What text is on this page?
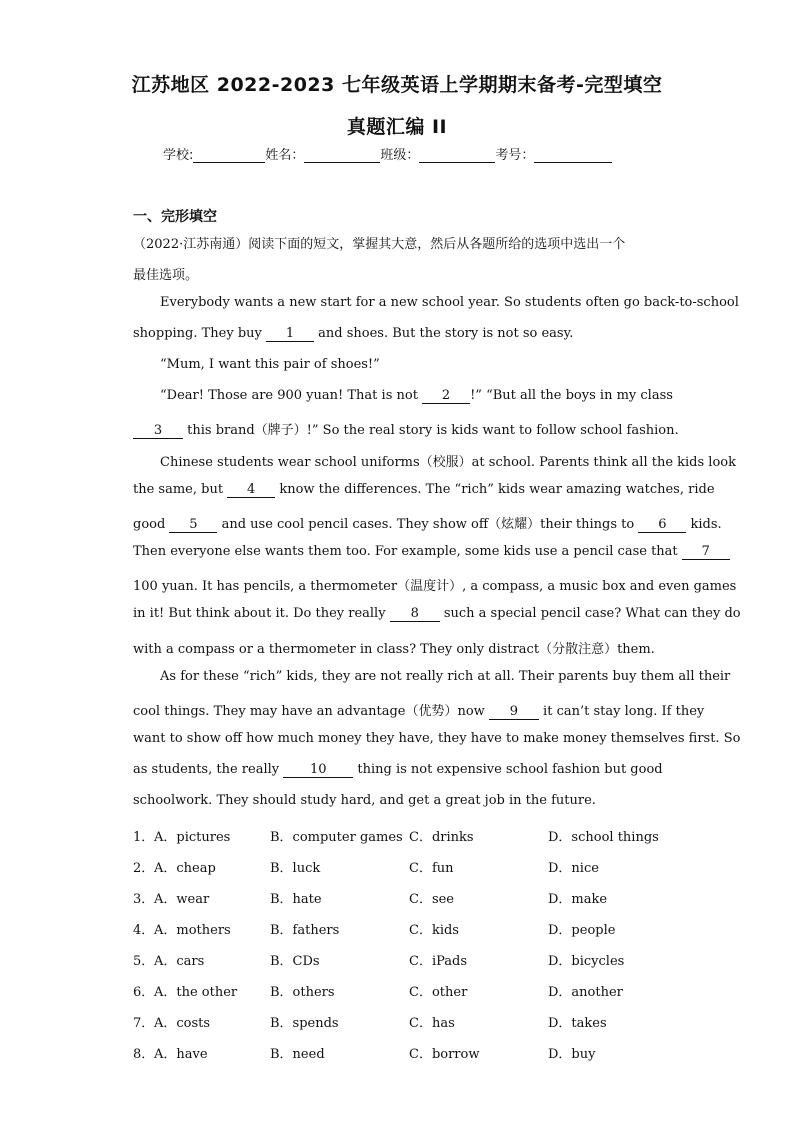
江苏地区 2022-2023 七年级英语上学期期末备考-完型填空
真题汇编 II
学校:	姓名：	班级：	考号：
一、完形填空
（2022·江苏南通）阅读下面的短文，掌握其大意，然后从各题所给的选项中选出一个
最佳选项。
Everybody wants a new start for a new school year. So students often go back-to-school
shopping. They buy 1 and shoes. But the story is not so easy.
“Mum, I want this pair of shoes!”
“Dear! Those are 900 yuan! That is not 2 !” “But all the boys in my class
3 this brand（牌子）!” So the real story is kids want to follow school fashion.
Chinese students wear school uniforms（校服）at school. Parents think all the kids look
the same, but 4 know the differences. The “rich” kids wear amazing watches, ride
good 5 and use cool pencil cases. They show off（炫耀）their things to 6 kids.
Then everyone else wants them too. For example, some kids use a pencil case that 7
100 yuan. It has pencils, a thermometer（温度计）, a compass, a music box and even games
in it! But think about it. Do they really 8 such a special pencil case? What can they do
with a compass or a thermometer in class? They only distract（分散注意）them.
As for these “rich” kids, they are not really rich at all. Their parents buy them all their
cool things. They may have an advantage（优势）now 9 it can’t stay long. If they
want to show off how much money they have, they have to make money themselves first. So
as students, the really 10 thing is not expensive school fashion but good
schoolwork. They should study hard, and get a great job in the future.
1． A．pictures	B．computer games C．drinks	D．school things
2． A．cheap	B．luck	C．fun	D．nice
3． A．wear	B．hate	C．see	D．make
4． A．mothers	B．fathers	C．kids	D．people
5． A．cars	B．CDs	C．iPads	D．bicycles
6． A．the other	B．others	C．other	D．another
7． A．costs	B．spends	C．has	D．takes
8． A．have	B．need	C．borrow	D．buy
